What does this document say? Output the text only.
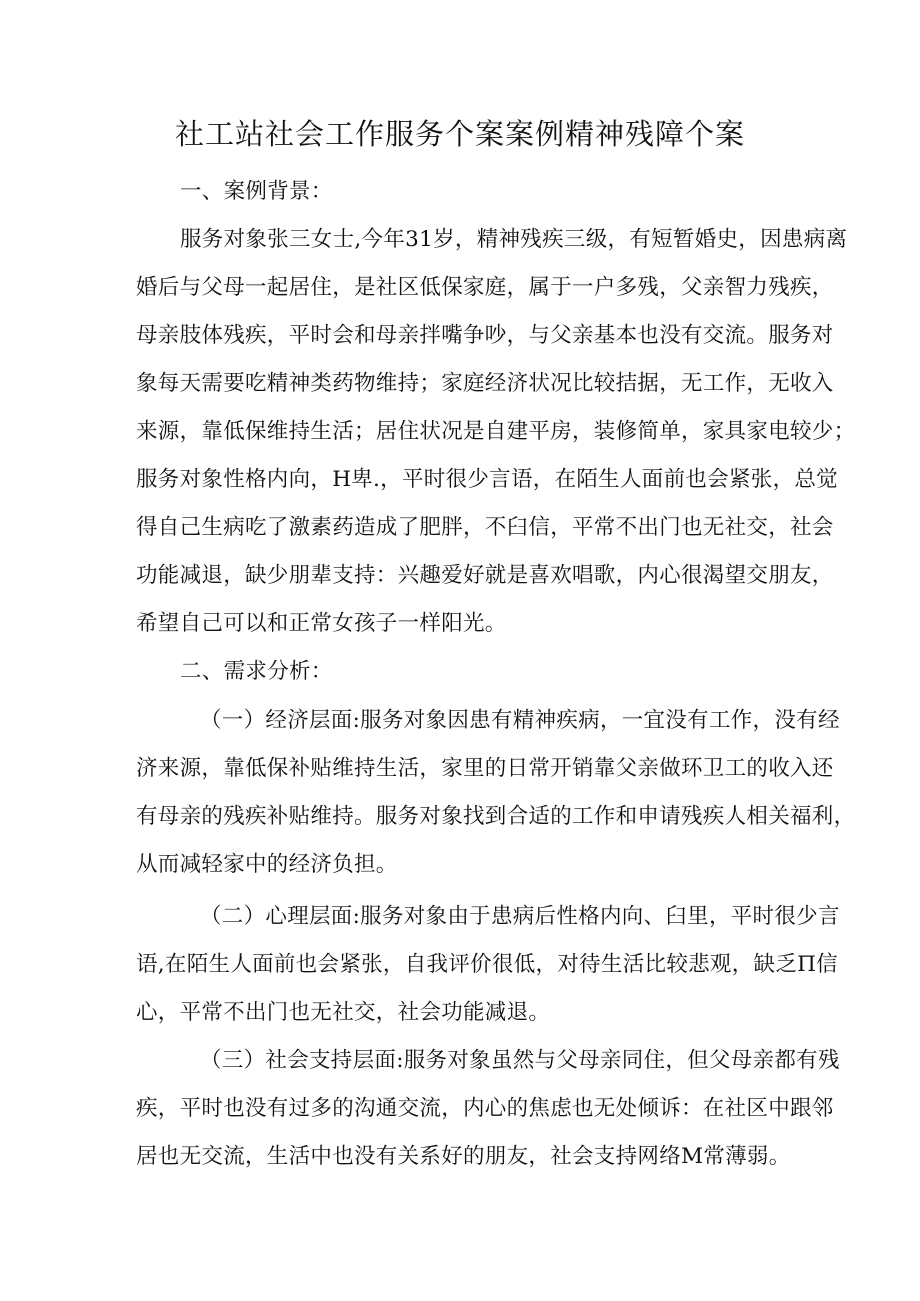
社工站社会工作服务个案案例精神残障个案
一、案例背景：
服务对象张三女士,今年31岁，精神残疾三级，有短暂婚史，因患病离
婚后与父母一起居住，是社区低保家庭，属于一户多残，父亲智力残疾，
母亲肢体残疾，平时会和母亲拌嘴争吵，与父亲基本也没有交流。服务对
象每天需要吃精神类药物维持；家庭经济状况比较拮据，无工作，无收入
来源，靠低保维持生活；居住状况是自建平房，装修简单，家具家电较少；
服务对象性格内向，H卑.，平时很少言语，在陌生人面前也会紧张，总觉
得自己生病吃了激素药造成了肥胖，不臼信，平常不出门也无社交，社会
功能减退，缺少朋辈支持：兴趣爱好就是喜欢唱歌，内心很渴望交朋友，
希望自己可以和正常女孩子一样阳光。
二、需求分析：
（一）经济层面:服务对象因患有精神疾病，一宜没有工作，没有经
济来源，靠低保补贴维持生活，家里的日常开销靠父亲做环卫工的收入还
有母亲的残疾补贴维持。服务对象找到合适的工作和申请残疾人相关福利，
从而减轻家中的经济负担。
（二）心理层面:服务对象由于患病后性格内向、臼里，平时很少言
语,在陌生人面前也会紧张，自我评价很低，对待生活比较悲观，缺乏Π信
心，平常不出门也无社交，社会功能减退。
（三）社会支持层面:服务对象虽然与父母亲同住，但父母亲都有残
疾，平时也没有过多的沟通交流，内心的焦虑也无处倾诉：在社区中跟邻
居也无交流，生活中也没有关系好的朋友，社会支持网络M常薄弱。
